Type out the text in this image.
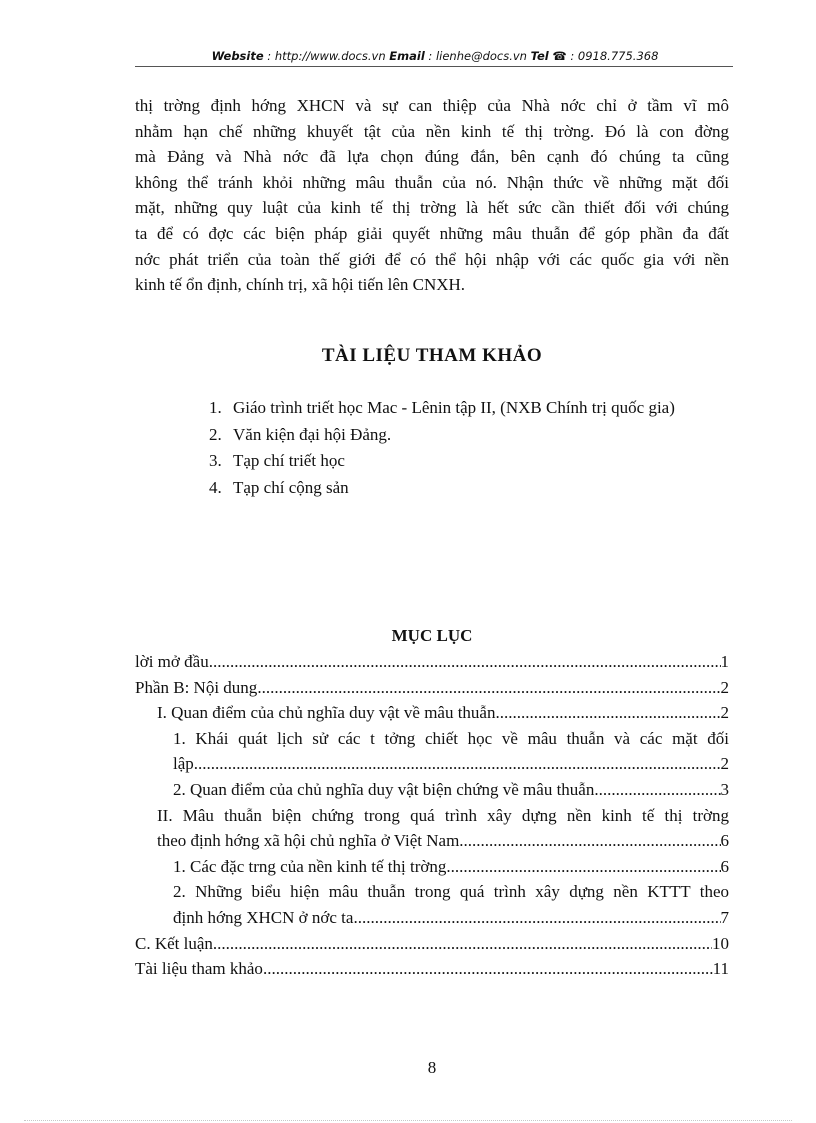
Website : http://www.docs.vn Email : lienhe@docs.vn Tel ☎ : 0918.775.368
thị trờng định hớng XHCN và sự can thiệp của Nhà nớc chỉ ở tầm vĩ mô
nhằm hạn chế những khuyết tật của nền kinh tế thị trờng. Đó là con đờng
mà Đảng và Nhà nớc đã lựa chọn đúng đắn, bên cạnh đó chúng ta cũng
không thể tránh khỏi những mâu thuẫn của nó. Nhận thức về những mặt đối
mặt, những quy luật của kinh tế thị trờng là hết sức cần thiết đối với chúng
ta để có đợc các biện pháp giải quyết những mâu thuẫn để góp phần đa đất
nớc phát triển của toàn thế giới để có thể hội nhập với các quốc gia với nền
kinh tế ổn định, chính trị, xã hội tiến lên CNXH.
TÀI LIỆU THAM KHẢO
1. Giáo trình triết học Mac - Lênin tập II, (NXB Chính trị quốc gia)
2. Văn kiện đại hội Đảng.
3. Tạp chí triết học
4. Tạp chí cộng sản
MỤC LỤC
lời mở đầu .....	1
Phần B: Nội dung .....	2
I. Quan điểm của chủ nghĩa duy vật về mâu thuẫn .....	2
1. Khái quát lịch sử các t tởng chiết học về mâu thuẫn và các mặt đối
lập .....	2
2. Quan điểm của chủ nghĩa duy vật biện chứng về mâu thuẫn .....	3
II. Mâu thuẫn biện chứng trong quá trình xây dựng nền kinh tế thị trờng
theo định hớng xã hội chủ nghĩa ở Việt Nam. .....	6
1. Các đặc trng của nền kinh tế thị trờng .....	6
2. Những biểu hiện mâu thuẫn trong quá trình xây dựng nền KTTT theo
định hớng XHCN ở nớc ta .....	7
C. Kết luận .....	10
Tài liệu tham khảo .....	11
8
